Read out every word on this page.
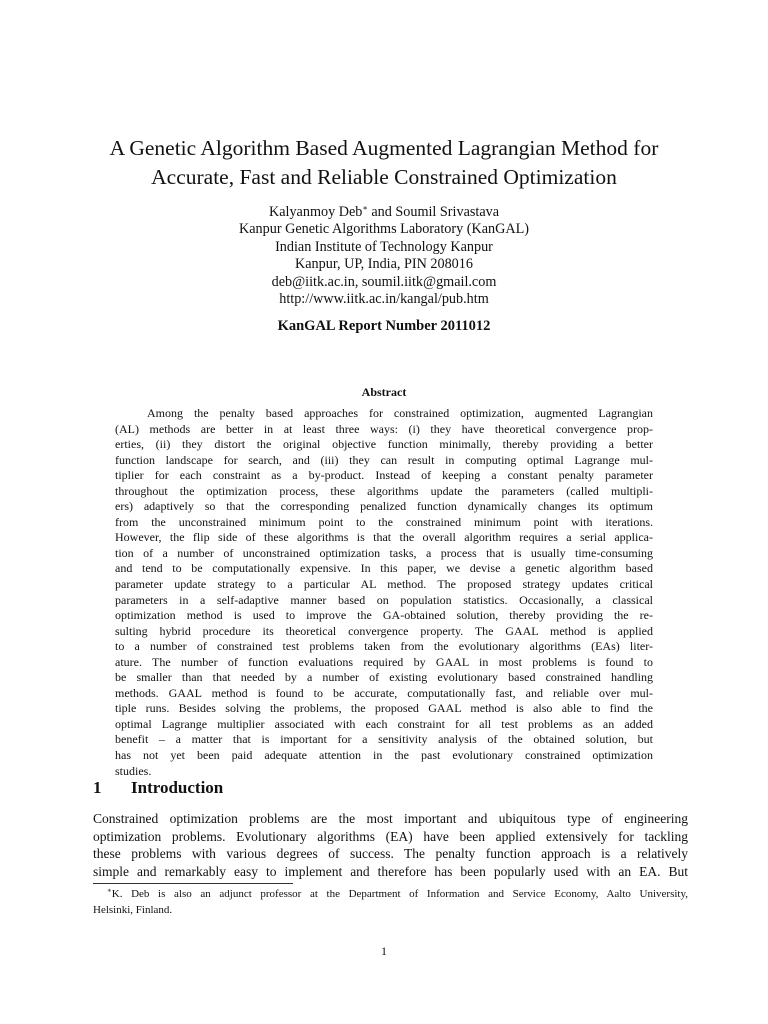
A Genetic Algorithm Based Augmented Lagrangian Method for
Accurate, Fast and Reliable Constrained Optimization
Kalyanmoy Deb∗ and Soumil Srivastava
Kanpur Genetic Algorithms Laboratory (KanGAL)
Indian Institute of Technology Kanpur
Kanpur, UP, India, PIN 208016
deb@iitk.ac.in, soumil.iitk@gmail.com
http://www.iitk.ac.in/kangal/pub.htm
KanGAL Report Number 2011012
Abstract
Among the penalty based approaches for constrained optimization, augmented Lagrangian
(AL) methods are better in at least three ways: (i) they have theoretical convergence prop-
erties, (ii) they distort the original objective function minimally, thereby providing a better
function landscape for search, and (iii) they can result in computing optimal Lagrange mul-
tiplier for each constraint as a by-product. Instead of keeping a constant penalty parameter
throughout the optimization process, these algorithms update the parameters (called multipli-
ers) adaptively so that the corresponding penalized function dynamically changes its optimum
from the unconstrained minimum point to the constrained minimum point with iterations.
However, the flip side of these algorithms is that the overall algorithm requires a serial applica-
tion of a number of unconstrained optimization tasks, a process that is usually time-consuming
and tend to be computationally expensive. In this paper, we devise a genetic algorithm based
parameter update strategy to a particular AL method. The proposed strategy updates critical
parameters in a self-adaptive manner based on population statistics. Occasionally, a classical
optimization method is used to improve the GA-obtained solution, thereby providing the re-
sulting hybrid procedure its theoretical convergence property. The GAAL method is applied
to a number of constrained test problems taken from the evolutionary algorithms (EAs) liter-
ature. The number of function evaluations required by GAAL in most problems is found to
be smaller than that needed by a number of existing evolutionary based constrained handling
methods. GAAL method is found to be accurate, computationally fast, and reliable over mul-
tiple runs. Besides solving the problems, the proposed GAAL method is also able to find the
optimal Lagrange multiplier associated with each constraint for all test problems as an added
benefit – a matter that is important for a sensitivity analysis of the obtained solution, but
has not yet been paid adequate attention in the past evolutionary constrained optimization
studies.
1 Introduction
Constrained optimization problems are the most important and ubiquitous type of engineering
optimization problems. Evolutionary algorithms (EA) have been applied extensively for tackling
these problems with various degrees of success. The penalty function approach is a relatively
simple and remarkably easy to implement and therefore has been popularly used with an EA. But
∗K. Deb is also an adjunct professor at the Department of Information and Service Economy, Aalto University,
Helsinki, Finland.
1
